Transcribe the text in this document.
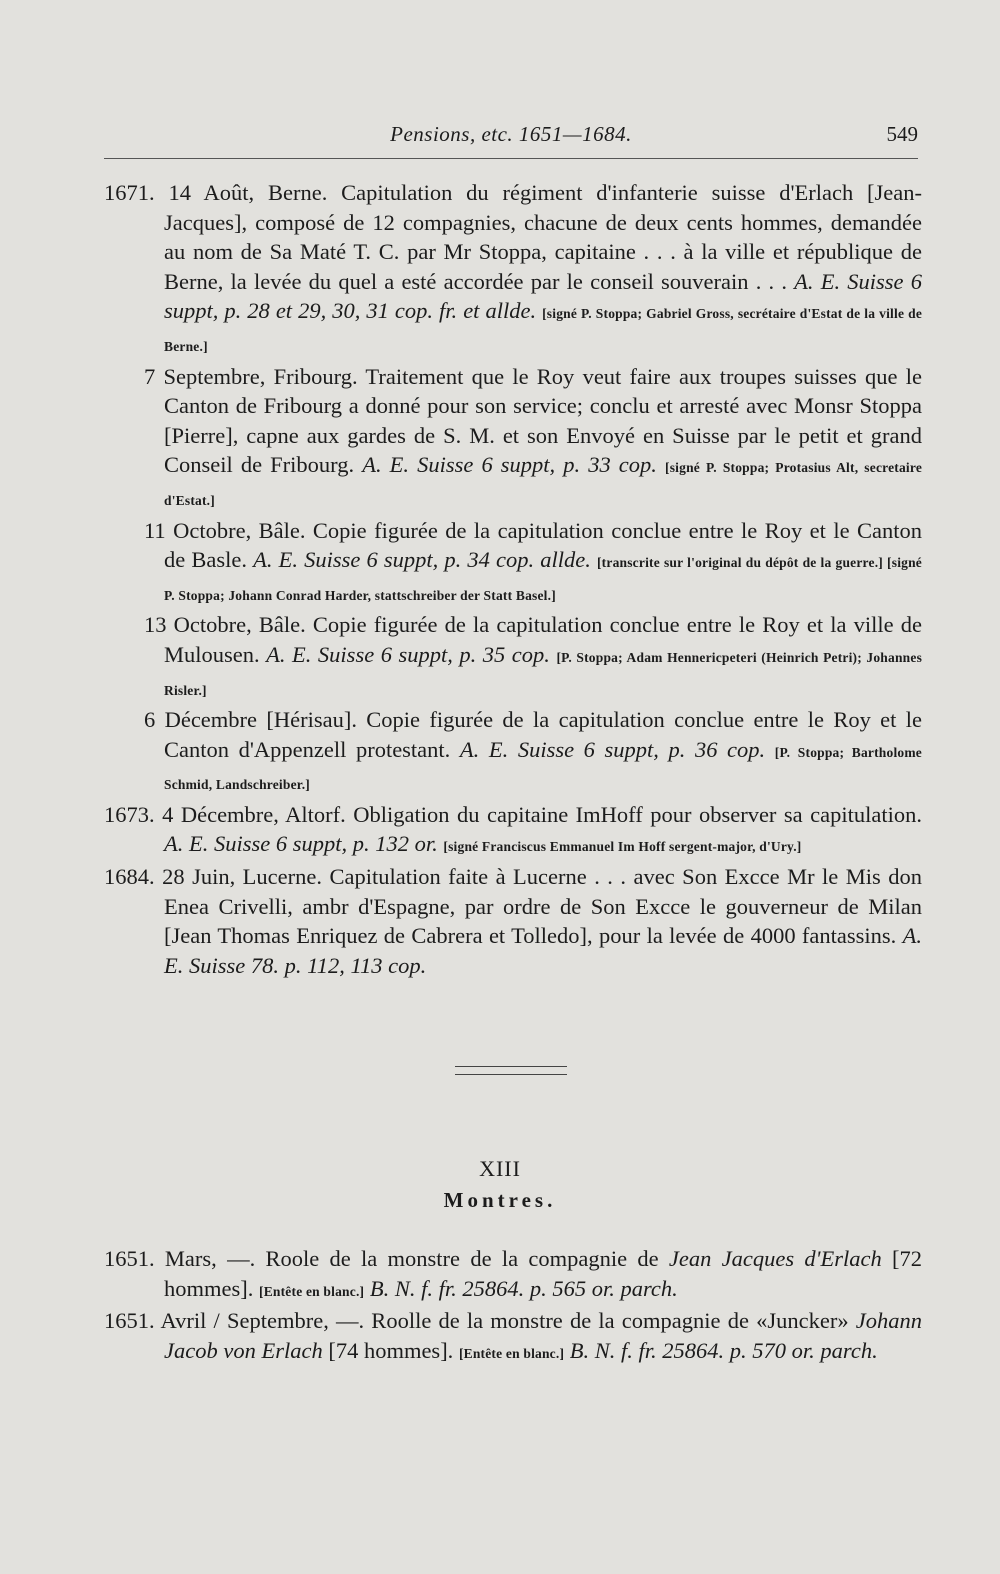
Pensions, etc. 1651—1684.	549

1671. 14 Août, Berne. Capitulation du régiment d'infanterie suisse d'Erlach [Jean-Jacques], composé de 12 compagnies, chacune de deux cents hommes, demandée au nom de Sa Maté T. C. par Mr Stoppa, capitaine . . . à la ville et république de Berne, la levée du quel a esté accordée par le conseil souverain . . . A. E. Suisse 6 suppt, p. 28 et 29, 30, 31 cop. fr. et allde. [signé P. Stoppa; Gabriel Gross, secrétaire d'Estat de la ville de Berne.]

7 Septembre, Fribourg. Traitement que le Roy veut faire aux troupes suisses que le Canton de Fribourg a donné pour son service; conclu et arresté avec Monsr Stoppa [Pierre], capne aux gardes de S. M. et son Envoyé en Suisse par le petit et grand Conseil de Fribourg. A. E. Suisse 6 suppt, p. 33 cop. [signé P. Stoppa; Protasius Alt, secretaire d'Estat.]

11 Octobre, Bâle. Copie figurée de la capitulation conclue entre le Roy et le Canton de Basle. A. E. Suisse 6 suppt, p. 34 cop. allde. [transcrite sur l'original du dépôt de la guerre.] [signé P. Stoppa; Johann Conrad Harder, stattschreiber der Statt Basel.]

13 Octobre, Bâle. Copie figurée de la capitulation conclue entre le Roy et la ville de Mulousen. A. E. Suisse 6 suppt, p. 35 cop. [P. Stoppa; Adam Hennericpeteri (Heinrich Petri); Johannes Risler.]

6 Décembre [Hérisau]. Copie figurée de la capitulation conclue entre le Roy et le Canton d'Appenzell protestant. A. E. Suisse 6 suppt, p. 36 cop. [P. Stoppa; Bartholome Schmid, Landschreiber.]

1673. 4 Décembre, Altorf. Obligation du capitaine ImHoff pour observer sa capitulation. A. E. Suisse 6 suppt, p. 132 or. [signé Franciscus Emmanuel Im Hoff sergent-major, d'Ury.]

1684. 28 Juin, Lucerne. Capitulation faite à Lucerne . . . avec Son Excce Mr le Mis don Enea Crivelli, ambr d'Espagne, par ordre de Son Excce le gouverneur de Milan [Jean Thomas Enriquez de Cabrera et Tolledo], pour la levée de 4000 fantassins. A. E. Suisse 78. p. 112, 113 cop.

XIII
Montres.

1651. Mars, —. Roole de la monstre de la compagnie de Jean Jacques d'Erlach [72 hommes]. [Entête en blanc.] B. N. f. fr. 25864. p. 565 or. parch.

1651. Avril / Septembre, —. Roolle de la monstre de la compagnie de «Juncker» Johann Jacob von Erlach [74 hommes]. [Entête en blanc.] B. N. f. fr. 25864. p. 570 or. parch.
